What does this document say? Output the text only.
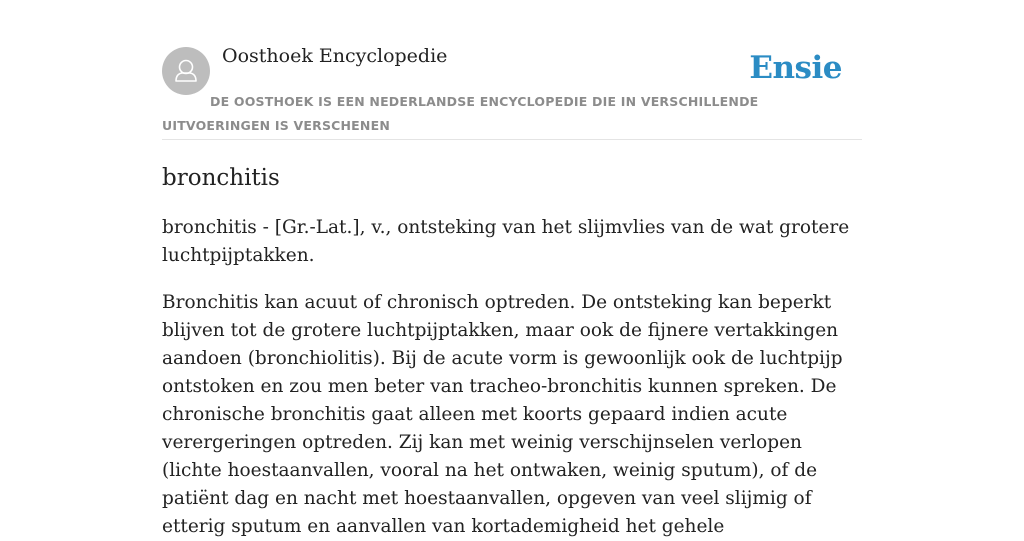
Oosthoek Encyclopedie	Ensie
DE OOSTHOEK IS EEN NEDERLANDSE ENCYCLOPEDIE DIE IN VERSCHILLENDE UITVOERINGEN IS VERSCHENEN
bronchitis

bronchitis - [Gr.-Lat.], v., ontsteking van het slijmvlies van de wat grotere luchtpijptakken.

Bronchitis kan acuut of chronisch optreden. De ontsteking kan beperkt blijven tot de grotere luchtpijptakken, maar ook de fijnere vertakkingen aandoen (bronchiolitis). Bij de acute vorm is gewoonlijk ook de luchtpijp ontstoken en zou men beter van tracheo-bronchitis kunnen spreken. De chronische bronchitis gaat alleen met koorts gepaard indien acute verergeringen optreden. Zij kan met weinig verschijnselen verlopen (lichte hoestaanvallen, vooral na het ontwaken, weinig sputum), of de patiënt dag en nacht met hoestaanvallen, opgeven van veel slijmig of etterig sputum en aanvallen van kortademigheid het gehele
